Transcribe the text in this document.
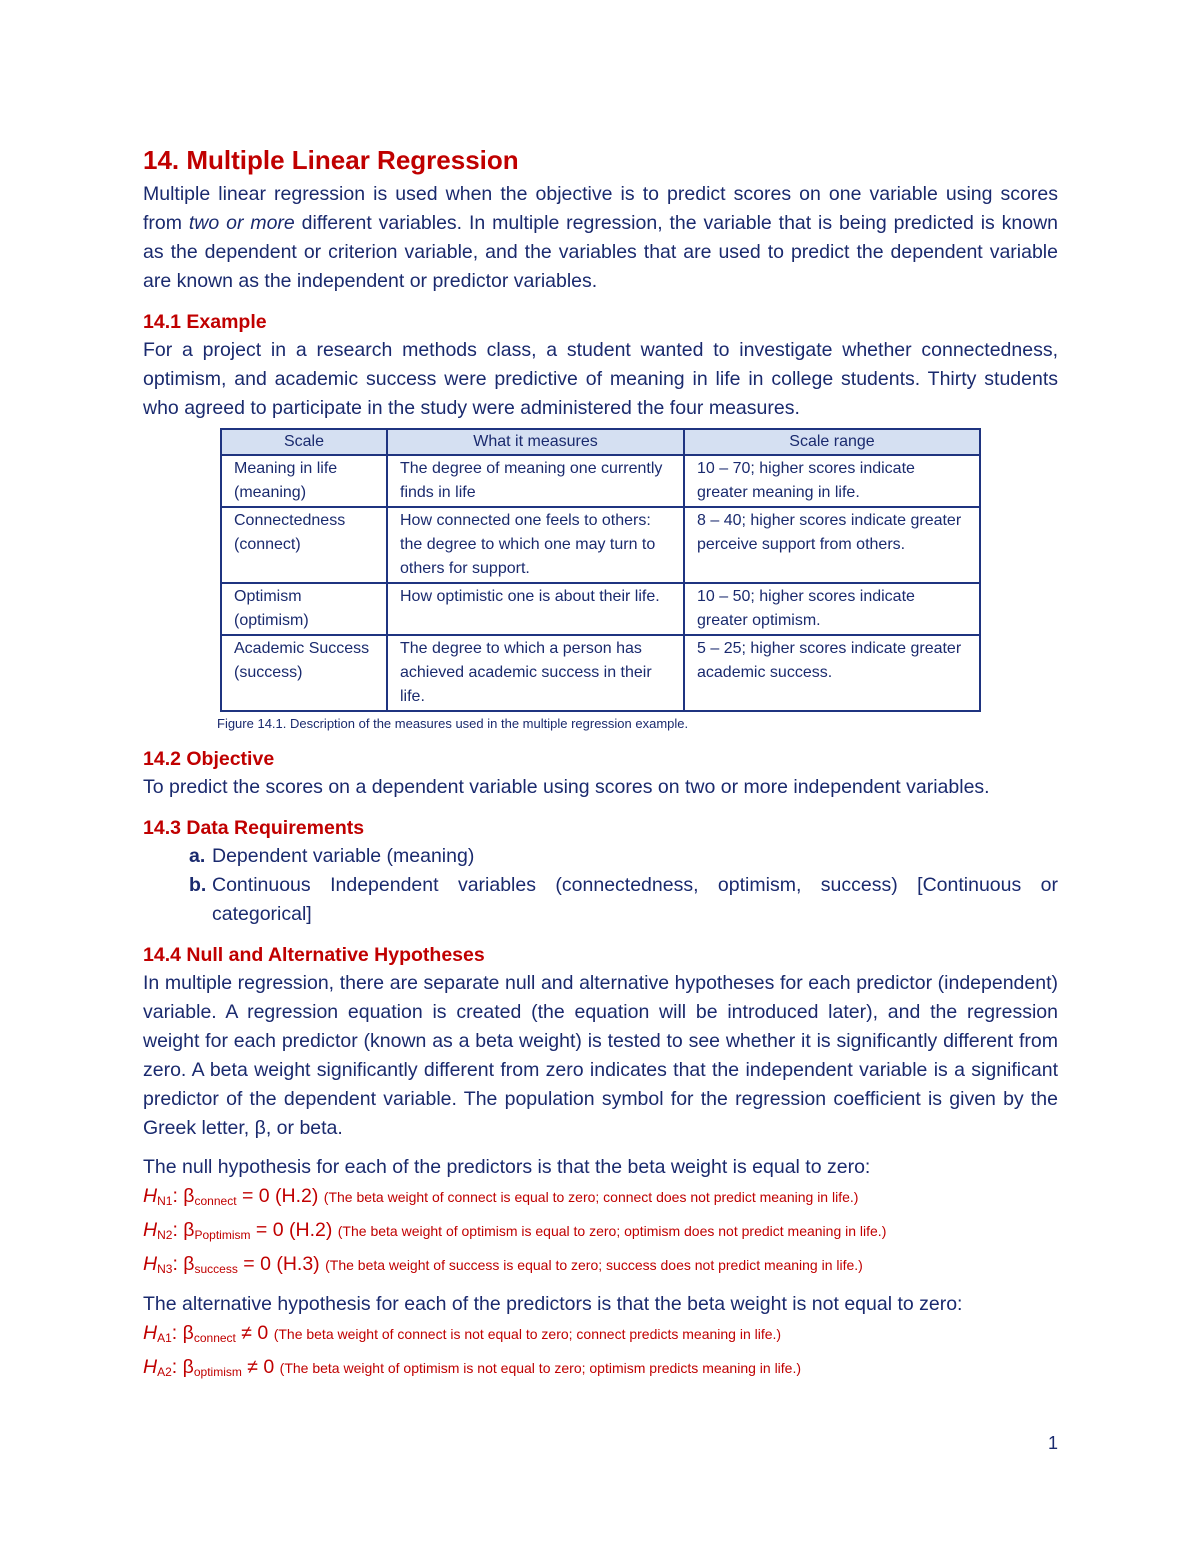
14. Multiple Linear Regression

Multiple linear regression is used when the objective is to predict scores on one variable using scores from two or more different variables. In multiple regression, the variable that is being predicted is known as the dependent or criterion variable, and the variables that are used to predict the dependent variable are known as the independent or predictor variables.

14.1 Example

For a project in a research methods class, a student wanted to investigate whether connectedness, optimism, and academic success were predictive of meaning in life in college students. Thirty students who agreed to participate in the study were administered the four measures.

Scale	What it measures	Scale range
Meaning in life (meaning)	The degree of meaning one currently finds in life	10 – 70; higher scores indicate greater meaning in life.
Connectedness (connect)	How connected one feels to others: the degree to which one may turn to others for support.	8 – 40; higher scores indicate greater perceive support from others.
Optimism (optimism)	How optimistic one is about their life.	10 – 50; higher scores indicate greater optimism.
Academic Success (success)	The degree to which a person has achieved academic success in their life.	5 – 25; higher scores indicate greater academic success.
Figure 14.1. Description of the measures used in the multiple regression example.
14.2 Objective

To predict the scores on a dependent variable using scores on two or more independent variables.

14.3 Data Requirements
a. Dependent variable (meaning)
b. Continuous Independent variables (connectedness, optimism, success) [Continuous or categorical]
14.4 Null and Alternative Hypotheses

In multiple regression, there are separate null and alternative hypotheses for each predictor (independent) variable. A regression equation is created (the equation will be introduced later), and the regression weight for each predictor (known as a beta weight) is tested to see whether it is significantly different from zero. A beta weight significantly different from zero indicates that the independent variable is a significant predictor of the dependent variable. The population symbol for the regression coefficient is given by the Greek letter, β, or beta.

The null hypothesis for each of the predictors is that the beta weight is equal to zero:

$H_{N1}$: $\beta_{connect} = 0$ (H.2) (The beta weight of connect is equal to zero; connect does not predict meaning in life.)
$H_{N2}$: $\beta_{Poptimism} = 0$ (H.2) (The beta weight of optimism is equal to zero; optimism does not predict meaning in life.)
$H_{N3}$: $\beta_{success} = 0$ (H.3) (The beta weight of success is equal to zero; success does not predict meaning in life.)

The alternative hypothesis for each of the predictors is that the beta weight is not equal to zero:

$H_{A1}$: $\beta_{connect} \ne 0$ (The beta weight of connect is not equal to zero; connect predicts meaning in life.)
$H_{A2}$: $\beta_{optimism} \ne 0$ (The beta weight of optimism is not equal to zero; optimism predicts meaning in life.)
1
